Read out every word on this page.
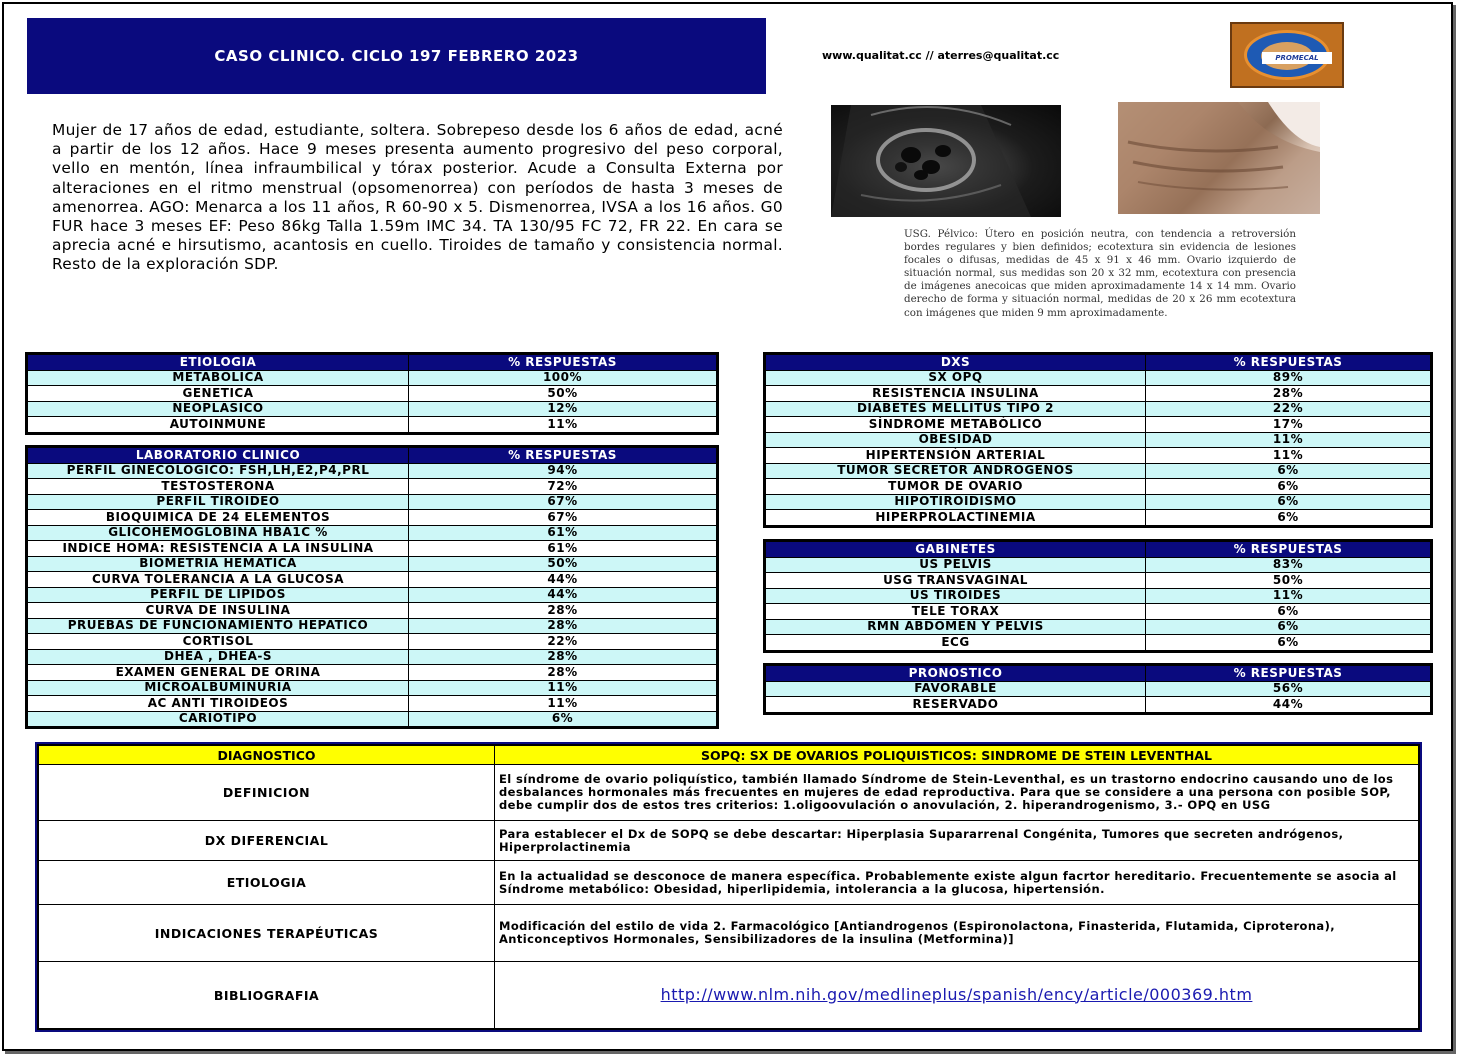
CASO CLINICO. CICLO 197 FEBRERO 2023	www.qualitat.cc // aterres@qualitat.cc	PROMECAL
Mujer de 17 años de edad, estudiante, soltera. Sobrepeso desde los 6 años de edad, acné a partir de los 12 años. Hace 9 meses presenta aumento progresivo del peso corporal, vello en mentón, línea infraumbilical y tórax posterior. Acude a Consulta Externa por alteraciones en el ritmo menstrual (opsomenorrea) con períodos de hasta 3 meses de amenorrea. AGO: Menarca a los 11 años, R 60-90 x 5. Dismenorrea, IVSA a los 16 años. G0 FUR hace 3 meses EF: Peso 86kg Talla 1.59m IMC 34. TA 130/95 FC 72, FR 22. En cara se aprecia acné e hirsutismo, acantosis en cuello. Tiroides de tamaño y consistencia normal. Resto de la exploración SDP.
USG. Pélvico: Útero en posición neutra, con tendencia a retroversión bordes regulares y bien definidos; ecotextura sin evidencia de lesiones focales o difusas, medidas de 45 x 91 x 46 mm. Ovario izquierdo de situación normal, sus medidas son 20 x 32 mm, ecotextura con presencia de imágenes anecoicas que miden aproximadamente 14 x 14 mm. Ovario derecho de forma y situación normal, medidas de 20 x 26 mm ecotextura con imágenes que miden 9 mm aproximadamente.
ETIOLOGIA	% RESPUESTAS
METABOLICA	100%
GENETICA	50%
NEOPLASICO	12%
AUTOINMUNE	11%
LABORATORIO CLINICO	% RESPUESTAS
PERFIL GINECOLOGICO: FSH,LH,E2,P4,PRL	94%
TESTOSTERONA	72%
PERFIL TIROIDEO	67%
BIOQUIMICA DE 24 ELEMENTOS	67%
GLICOHEMOGLOBINA HBA1C %	61%
INDICE HOMA: RESISTENCIA A LA INSULINA	61%
BIOMETRIA HEMÁTICA	50%
CURVA TOLERANCIA A LA GLUCOSA	44%
PERFIL DE LIPIDOS	44%
CURVA DE INSULINA	28%
PRUEBAS DE FUNCIONAMIENTO HEPÁTICO	28%
CORTISOL	22%
DHEA , DHEA-S	28%
EXAMEN GENERAL DE ORINA	28%
MICROALBUMINURIA	11%
AC ANTI TIROIDEOS	11%
CARIOTIPO	6%
DXS	% RESPUESTAS
SX OPQ	89%
RESISTENCIA INSULINA	28%
DIABETES MELLITUS TIPO 2	22%
SÍNDROME METABÓLICO	17%
OBESIDAD	11%
HIPERTENSIÓN ARTERIAL	11%
TUMOR SECRETOR ANDROGENOS	6%
TUMOR DE OVARIO	6%
HIPOTIROIDISMO	6%
HIPERPROLACTINEMIA	6%
GABINETES	% RESPUESTAS
US PELVIS	83%
USG TRANSVAGINAL	50%
US TIROIDES	11%
TELE TORAX	6%
RMN ABDOMEN Y PELVIS	6%
ECG	6%
PRONOSTICO	% RESPUESTAS
FAVORABLE	56%
RESERVADO	44%
DIAGNOSTICO	SOPQ: SX DE OVARIOS POLIQUISTICOS: SINDROME DE STEIN LEVENTHAL
DEFINICION	El síndrome de ovario poliquístico, también llamado Síndrome de Stein-Leventhal, es un trastorno endocrino causando uno de los desbalances hormonales más frecuentes en mujeres de edad reproductiva. Para que se considere a una persona con posible SOP, debe cumplir dos de estos tres criterios: 1.oligoovulación o anovulación, 2. hiperandrogenismo, 3.- OPQ en USG
DX DIFERENCIAL	Para establecer el Dx de SOPQ se debe descartar: Hiperplasia Supararrenal Congénita, Tumores que secreten andrógenos, Hiperprolactinemia
ETIOLOGIA	En la actualidad se desconoce de manera específica. Probablemente existe algun facrtor hereditario. Frecuentemente se asocia al Síndrome metabólico: Obesidad, hiperlipidemia, intolerancia a la glucosa, hipertensión.
INDICACIONES TERAPÉUTICAS	Modificación del estilo de vida 2. Farmacológico [Antiandrogenos (Espironolactona, Finasterida, Flutamida, Ciproterona), Anticonceptivos Hormonales, Sensibilizadores de la insulina (Metformina)]
BIBLIOGRAFIA	http://www.nlm.nih.gov/medlineplus/spanish/ency/article/000369.htm
